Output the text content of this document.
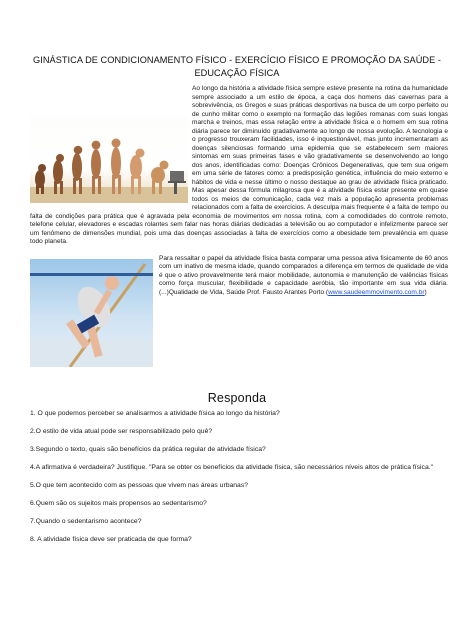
GINÁSTICA DE CONDICIONAMENTO FÍSICO - EXERCÍCIO FÍSICO E PROMOÇÃO DA SAÚDE - EDUCAÇÃO FÍSICA

Ao longo da história a atividade física sempre esteve presente na rotina da humanidade sempre associado a um estilo de época, a caça dos homens das cavernas para a sobrevivência, os Gregos e suas práticas desportivas na busca de um corpo perfeito ou de cunho militar como o exemplo na formação das legiões romanas com suas longas marcha e treinos, mas essa relação entre a atividade física e o homem em sua rotina diária parece ter diminuído gradativamente ao longo de nossa evolução. A tecnologia e o progresso trouxeram facilidades, isso é inquestionável, mas junto incrementaram as doenças silenciosas formando uma epidemia que se estabelecem sem maiores sintomas em suas primeiras fases e vão gradativamente se desenvolvendo ao longo dos anos, identificadas como: Doenças Crônicos Degenerativas, que tem sua origem em uma série de fatores como: a predisposição genética, influência do meio externo e hábitos de vida e nesse último o nosso destaque ao grau de atividade física praticado. Mas apesar dessa fórmula milagrosa que é a atividade física estar presente em quase todos os meios de comunicação, cada vez mais a população apresenta problemas relacionados com a falta de exercícios. A desculpa mais frequente é a falta de tempo ou falta de condições para prática que é agravada pela economia de movimentos em nossa rotina, com a comodidades do controle remoto, telefone celular, elevadores e escadas rolantes sem falar nas horas diárias dedicadas a televisão ou ao computador e infelizmente parece ser um fenômeno de dimensões mundial, pois uma das doenças associadas à falta de exercícios como a obesidade tem prevalência em quase todo planeta.

Para ressaltar o papel da atividade física basta comparar uma pessoa ativa fisicamente de 60 anos com um inativo de mesma idade, quando comparados a diferença em termos de qualidade de vida é que o ativo provavelmente terá maior mobilidade, autonomia e manutenção de valências físicas como força muscular, flexibilidade e capacidade aeróbia, tão importante em sua vida diária. (...)Qualidade de Vida, Saúde Prof. Fausto Arantes Porto (www.saudeemmovimento.com.br)

Responda

1. O que podemos perceber se analisarmos a atividade física ao longo da história?

2.O estilo de vida atual pode ser responsabilizado pelo quê?

3.Segundo o texto, quais são benefícios da prática regular de atividade física?

4.A afirmativa é verdadeira? Justifique. "Para se obter os benefícios da atividade física, são necessários níveis altos de prática física."

5.O que tem acontecido com as pessoas que vivem nas áreas urbanas?

6.Quem são os sujeitos mais propensos ao sedentarismo?

7.Quando o sedentarismo acontece?

8. A atividade física deve ser praticada de que forma?
